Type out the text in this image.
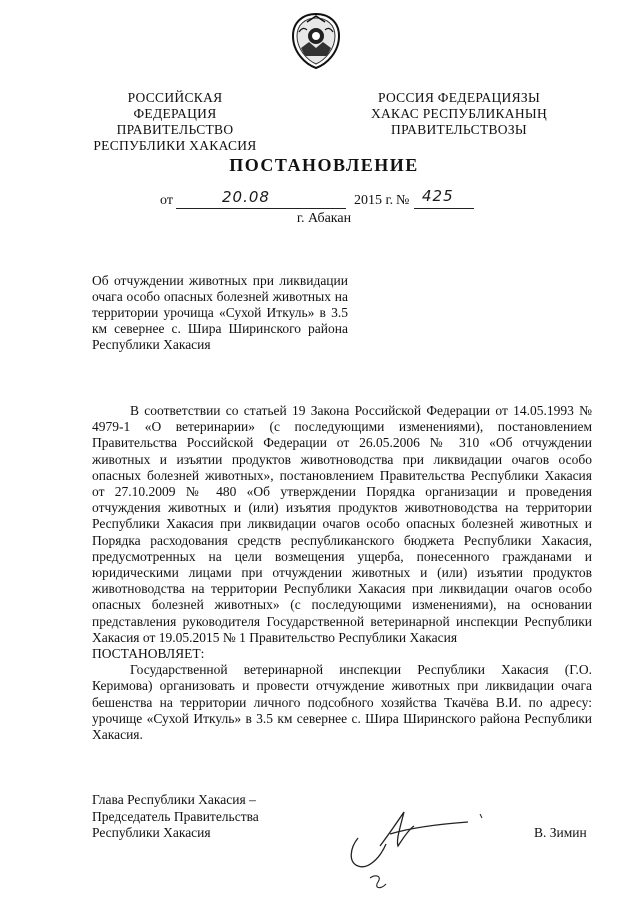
РОССИЙСКАЯ ФЕДЕРАЦИЯ
ПРАВИТЕЛЬСТВО
РЕСПУБЛИКИ ХАКАСИЯ
РОССИЯ ФЕДЕРАЦИЯЗЫ
ХАКАС РЕСПУБЛИКАНЫҢ
ПРАВИТЕЛЬСТВОЗЫ
ПОСТАНОВЛЕНИЕ
от	20.08	2015 г. № 425
г. Абакан
Об отчуждении животных при ликвидации очага особо опасных болезней животных на территории урочища «Сухой Иткуль» в 3.5 км севернее с. Шира Ширинского района Республики Хакасия

В соответствии со статьей 19 Закона Российской Федерации от 14.05.1993 № 4979-1 «О ветеринарии» (с последующими изменениями), постановлением Правительства Российской Федерации от 26.05.2006 № 310 «Об отчуждении животных и изъятии продуктов животноводства при ликвидации очагов особо опасных болезней животных», постановлением Правительства Республики Хакасия от 27.10.2009 № 480 «Об утверждении Порядка организации и проведения отчуждения животных и (или) изъятия продуктов животноводства на территории Республики Хакасия при ликвидации очагов особо опасных болезней животных и Порядка расходования средств республиканского бюджета Республики Хакасия, предусмотренных на цели возмещения ущерба, понесенного гражданами и юридическими лицами при отчуждении животных и (или) изъятии продуктов животноводства на территории Республики Хакасия при ликвидации очагов особо опасных болезней животных» (с последующими изменениями), на основании представления руководителя Государственной ветеринарной инспекции Республики Хакасия от 19.05.2015 № 1 Правительство Республики Хакасия

ПОСТАНОВЛЯЕТ:

Государственной ветеринарной инспекции Республики Хакасия (Г.О. Керимова) организовать и провести отчуждение животных при ликвидации очага бешенства на территории личного подсобного хозяйства Ткачёва В.И. по адресу: урочище «Сухой Иткуль» в 3.5 км севернее с. Шира Ширинского района Республики Хакасия.

Глава Республики Хакасия –
Председатель Правительства
Республики Хакасия	В. Зимин
